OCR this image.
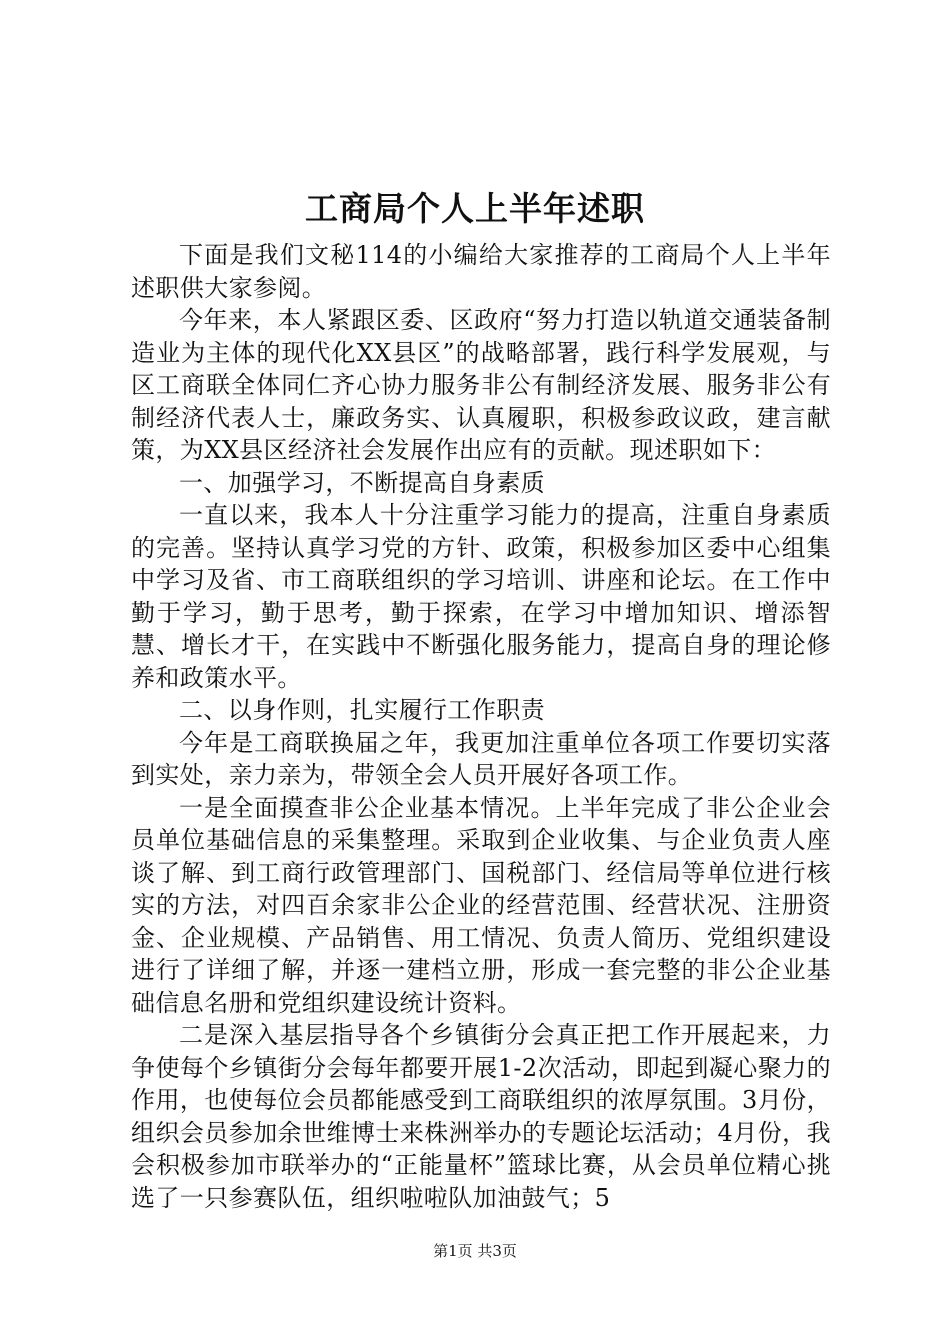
工商局个人上半年述职

下面是我们文秘114的小编给大家推荐的工商局个人上半年述职供大家参阅。

今年来，本人紧跟区委、区政府“努力打造以轨道交通装备制造业为主体的现代化XX县区”的战略部署，践行科学发展观，与区工商联全体同仁齐心协力服务非公有制经济发展、服务非公有制经济代表人士，廉政务实、认真履职，积极参政议政，建言献策，为XX县区经济社会发展作出应有的贡献。现述职如下：

一、加强学习，不断提高自身素质

一直以来，我本人十分注重学习能力的提高，注重自身素质的完善。坚持认真学习党的方针、政策，积极参加区委中心组集中学习及省、市工商联组织的学习培训、讲座和论坛。在工作中勤于学习，勤于思考，勤于探索，在学习中增加知识、增添智慧、增长才干，在实践中不断强化服务能力，提高自身的理论修养和政策水平。

二、以身作则，扎实履行工作职责

今年是工商联换届之年，我更加注重单位各项工作要切实落到实处，亲力亲为，带领全会人员开展好各项工作。

一是全面摸查非公企业基本情况。上半年完成了非公企业会员单位基础信息的采集整理。采取到企业收集、与企业负责人座谈了解、到工商行政管理部门、国税部门、经信局等单位进行核实的方法，对四百余家非公企业的经营范围、经营状况、注册资金、企业规模、产品销售、用工情况、负责人简历、党组织建设进行了详细了解，并逐一建档立册，形成一套完整的非公企业基础信息名册和党组织建设统计资料。

二是深入基层指导各个乡镇街分会真正把工作开展起来，力争使每个乡镇街分会每年都要开展1-2次活动，即起到凝心聚力的作用，也使每位会员都能感受到工商联组织的浓厚氛围。3月份，组织会员参加余世维博士来株洲举办的专题论坛活动；4月份，我会积极参加市联举办的“正能量杯”篮球比赛，从会员单位精心挑选了一只参赛队伍，组织啦啦队加油鼓气；5

第1页 共3页
